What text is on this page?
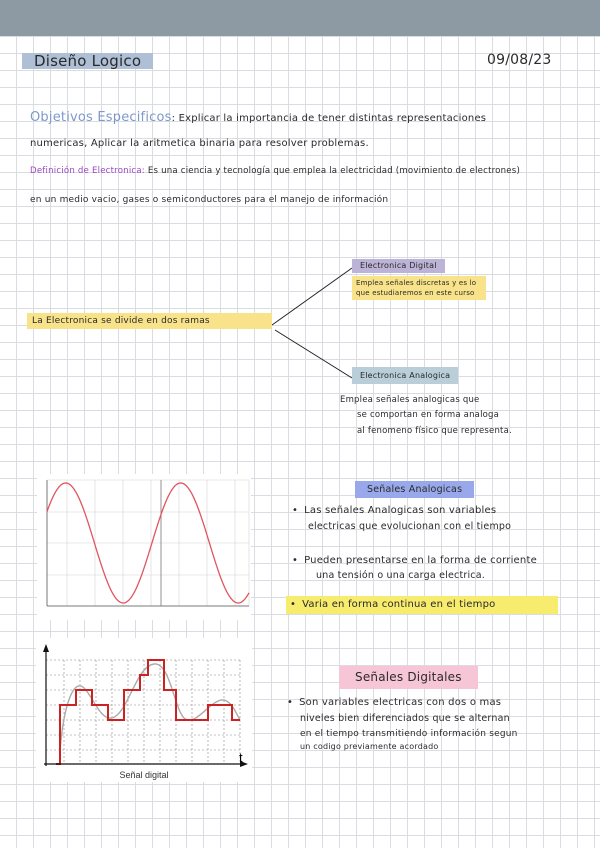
Diseño Logico	09/08/23
Objetivos Especificos: Explicar la importancia de tener distintas representaciones
numericas, Aplicar la aritmetica binaria para resolver problemas.
Definición de Electronica: Es una ciencia y tecnología que emplea la electricidad (movimiento de electrones)
en un medio vacio, gases o semiconductores para el manejo de información
La Electronica se divide en dos ramas
Electronica Digital
Emplea señales discretas y es lo que estudiaremos en este curso
Electronica Analogica
Emplea señales analogicas que
se comportan en forma analoga
al fenomeno físico que representa.
Señales Analogicas
• Las señales Analogicas son variables
electricas que evolucionan con el tiempo
• Pueden presentarse en la forma de corriente
una tensión o una carga electrica.
• Varia en forma continua en el tiempo
t
Señal digital
Señales Digitales
• Son variables electricas con dos o mas
niveles bien diferenciados que se alternan
en el tiempo transmitiendo información segun
un codigo previamente acordado
